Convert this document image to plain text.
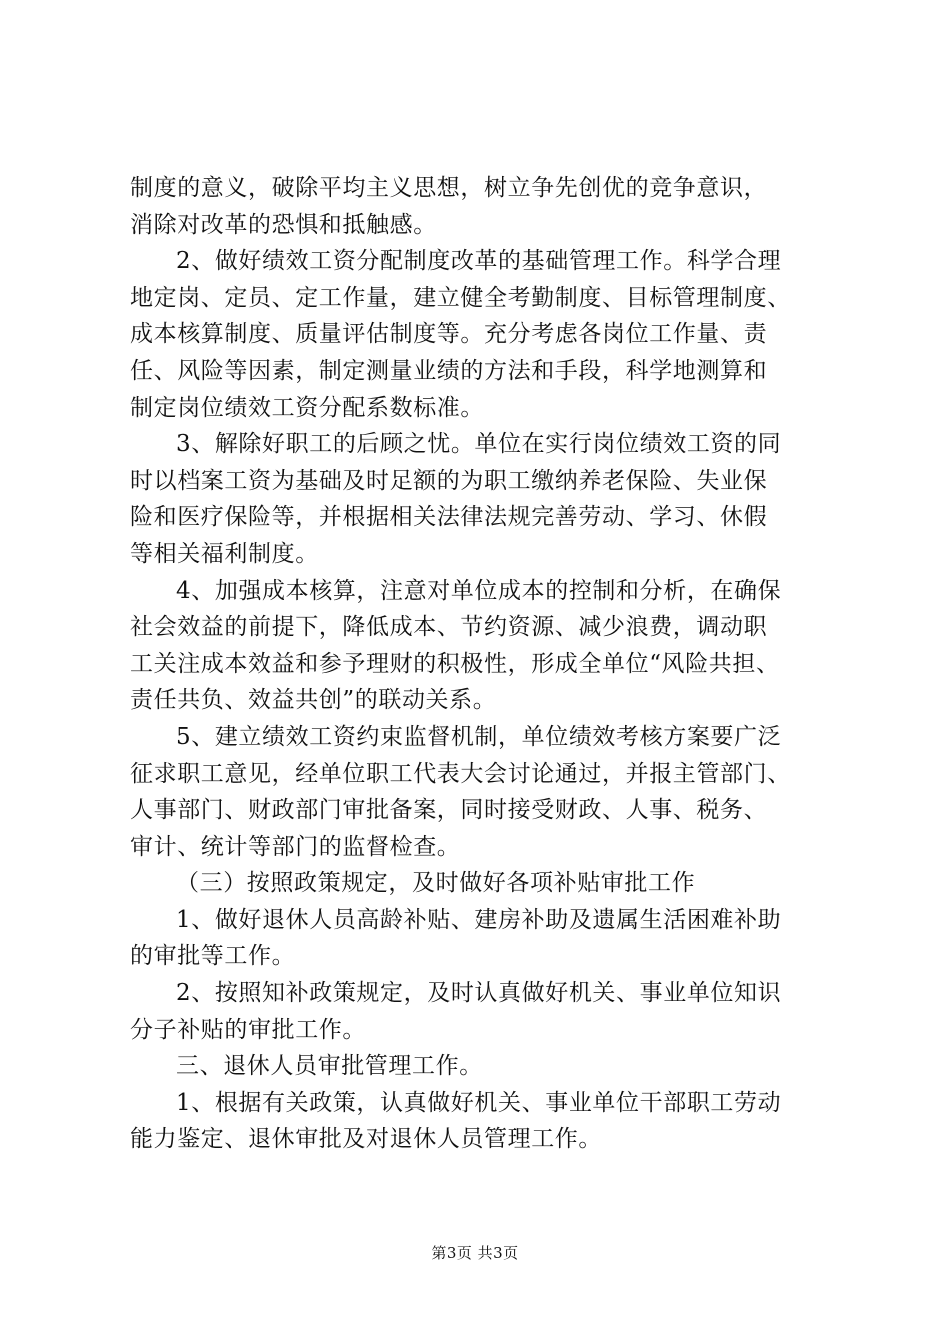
制度的意义，破除平均主义思想，树立争先创优的竞争意识，
消除对改革的恐惧和抵触感。
2、做好绩效工资分配制度改革的基础管理工作。科学合理
地定岗、定员、定工作量，建立健全考勤制度、目标管理制度、
成本核算制度、质量评估制度等。充分考虑各岗位工作量、责
任、风险等因素，制定测量业绩的方法和手段，科学地测算和
制定岗位绩效工资分配系数标准。
3、解除好职工的后顾之忧。单位在实行岗位绩效工资的同
时以档案工资为基础及时足额的为职工缴纳养老保险、失业保
险和医疗保险等，并根据相关法律法规完善劳动、学习、休假
等相关福利制度。
4、加强成本核算，注意对单位成本的控制和分析，在确保
社会效益的前提下，降低成本、节约资源、减少浪费，调动职
工关注成本效益和参予理财的积极性，形成全单位“风险共担、
责任共负、效益共创”的联动关系。
5、建立绩效工资约束监督机制，单位绩效考核方案要广泛
征求职工意见，经单位职工代表大会讨论通过，并报主管部门、
人事部门、财政部门审批备案，同时接受财政、人事、税务、
审计、统计等部门的监督检查。
（三）按照政策规定，及时做好各项补贴审批工作
1、做好退休人员高龄补贴、建房补助及遗属生活困难补助
的审批等工作。
2、按照知补政策规定，及时认真做好机关、事业单位知识
分子补贴的审批工作。
三、退休人员审批管理工作。
1、根据有关政策，认真做好机关、事业单位干部职工劳动
能力鉴定、退休审批及对退休人员管理工作。
第3页 共3页
